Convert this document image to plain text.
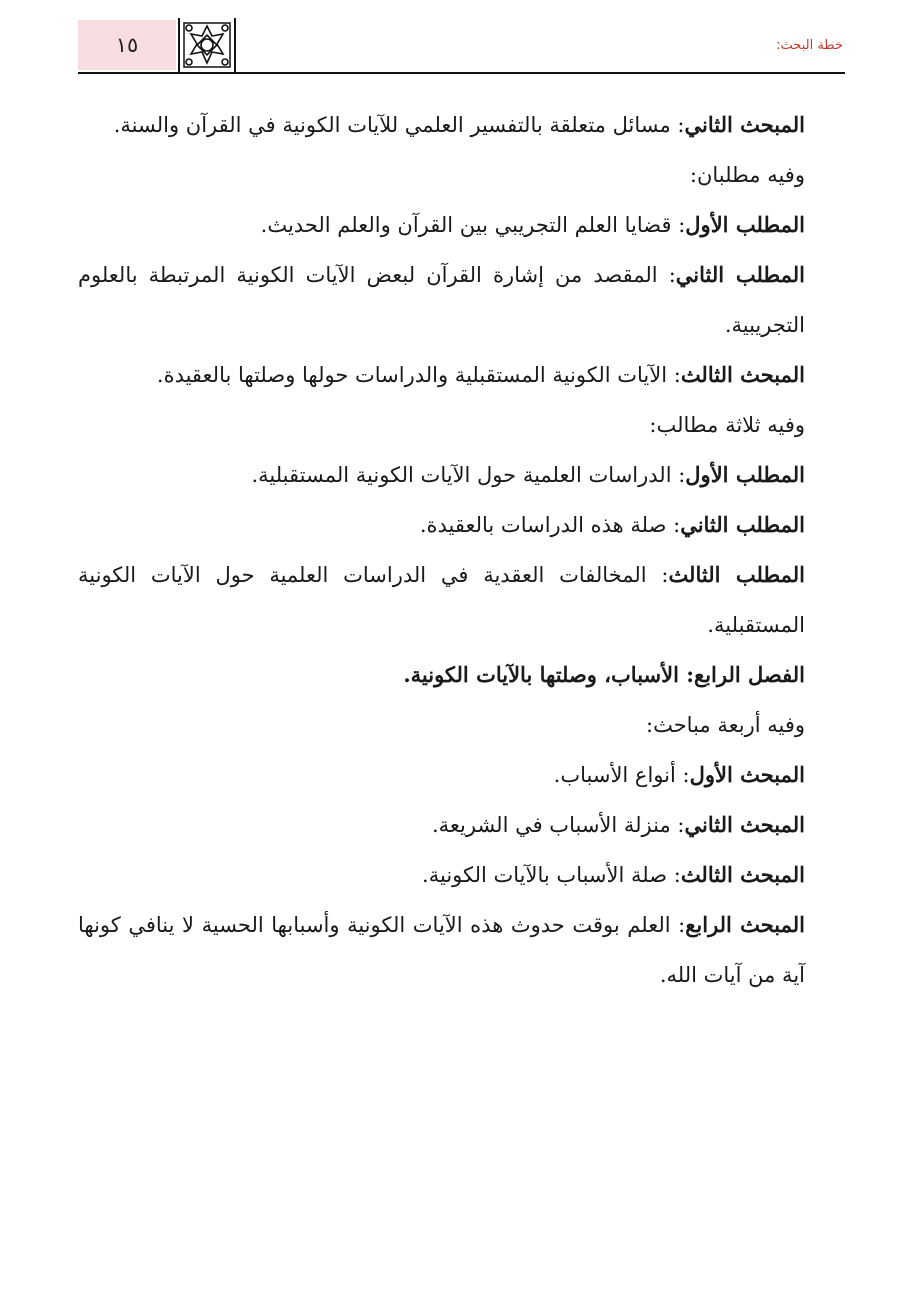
١٥	خطة البحث:

المبحث الثاني: مسائل متعلقة بالتفسير العلمي للآيات الكونية في القرآن والسنة.

وفيه مطلبان:

المطلب الأول: قضايا العلم التجريبي بين القرآن والعلم الحديث.

المطلب الثاني: المقصد من إشارة القرآن لبعض الآيات الكونية المرتبطة بالعلوم التجريبية.

المبحث الثالث: الآيات الكونية المستقبلية والدراسات حولها وصلتها بالعقيدة.

وفيه ثلاثة مطالب:

المطلب الأول: الدراسات العلمية حول الآيات الكونية المستقبلية.

المطلب الثاني: صلة هذه الدراسات بالعقيدة.

المطلب الثالث: المخالفات العقدية في الدراسات العلمية حول الآيات الكونية المستقبلية.

الفصل الرابع: الأسباب، وصلتها بالآيات الكونية.

وفيه أربعة مباحث:

المبحث الأول: أنواع الأسباب.

المبحث الثاني: منزلة الأسباب في الشريعة.

المبحث الثالث: صلة الأسباب بالآيات الكونية.

المبحث الرابع: العلم بوقت حدوث هذه الآيات الكونية وأسبابها الحسية لا ينافي كونها آية من آيات الله.
